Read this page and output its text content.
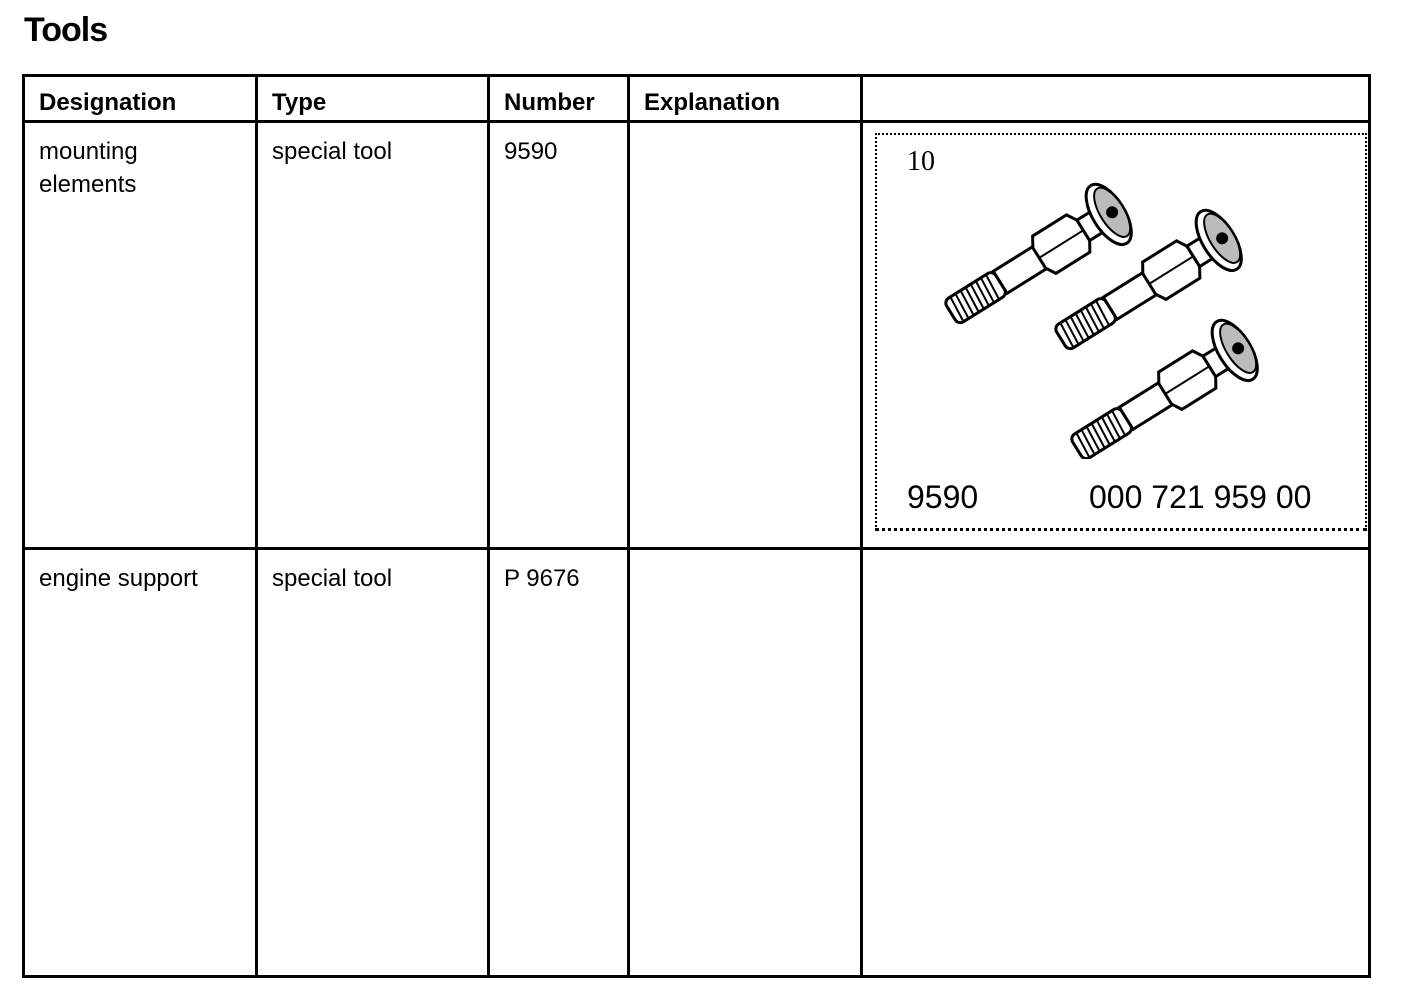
Tools
Designation	Type	Number	Explanation	
mounting elements	special tool	9590		10
9590 000 721 959 00

engine support	special tool	P 9676		
